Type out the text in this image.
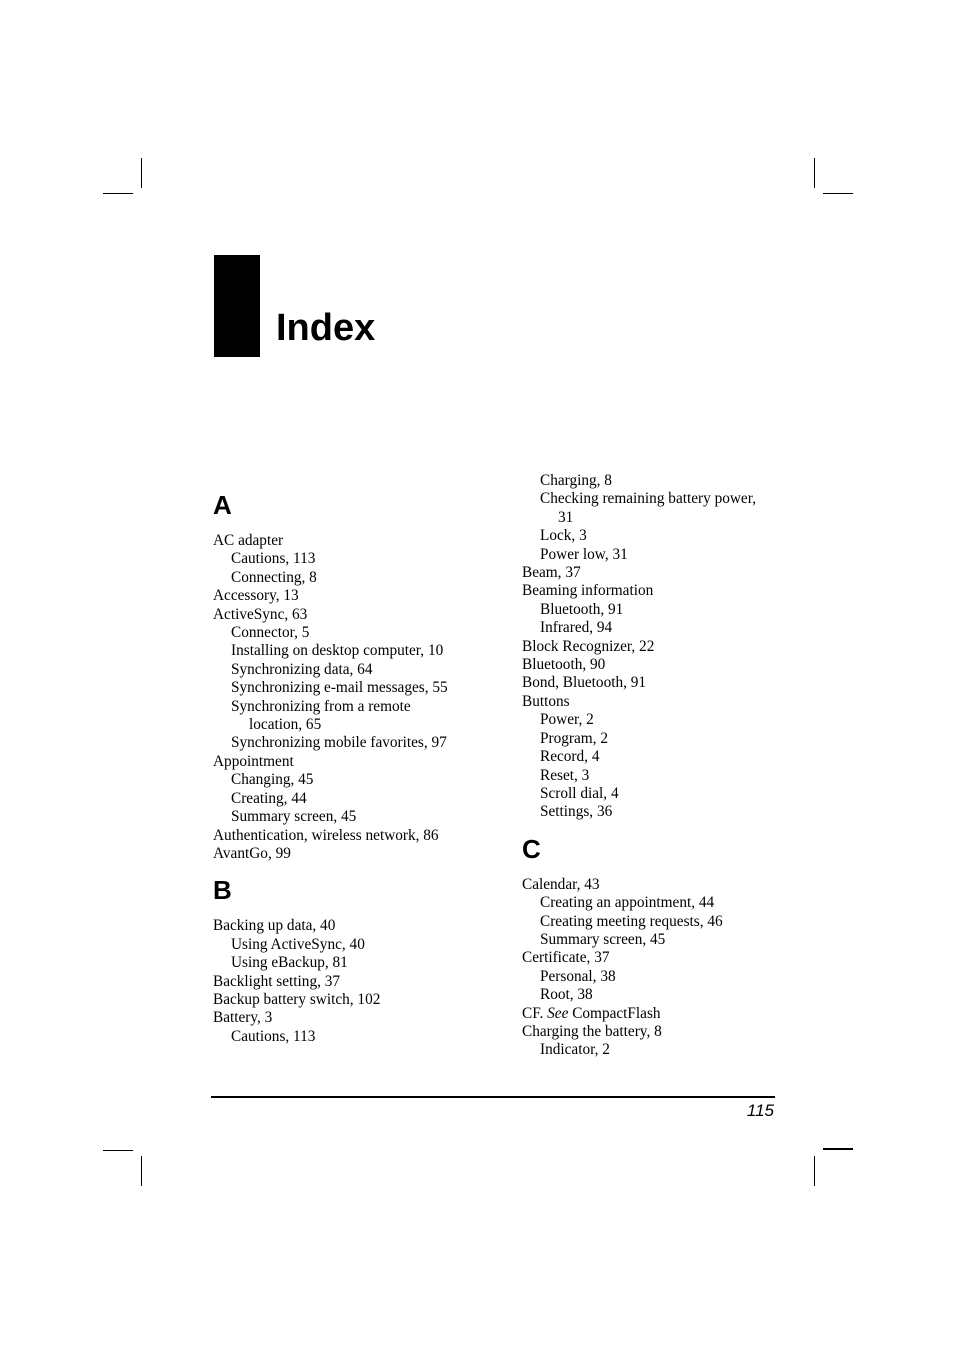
Index
A
AC adapter
Cautions, 113
Connecting, 8
Accessory, 13
ActiveSync, 63
Connector, 5
Installing on desktop computer, 10
Synchronizing data, 64
Synchronizing e-mail messages, 55
Synchronizing from a remote
location, 65
Synchronizing mobile favorites, 97
Appointment
Changing, 45
Creating, 44
Summary screen, 45
Authentication, wireless network, 86
AvantGo, 99
B
Backing up data, 40
Using ActiveSync, 40
Using eBackup, 81
Backlight setting, 37
Backup battery switch, 102
Battery, 3
Cautions, 113
Charging, 8
Checking remaining battery power,
31
Lock, 3
Power low, 31
Beam, 37
Beaming information
Bluetooth, 91
Infrared, 94
Block Recognizer, 22
Bluetooth, 90
Bond, Bluetooth, 91
Buttons
Power, 2
Program, 2
Record, 4
Reset, 3
Scroll dial, 4
Settings, 36
C
Calendar, 43
Creating an appointment, 44
Creating meeting requests, 46
Summary screen, 45
Certificate, 37
Personal, 38
Root, 38
CF. See CompactFlash
Charging the battery, 8
Indicator, 2
115
